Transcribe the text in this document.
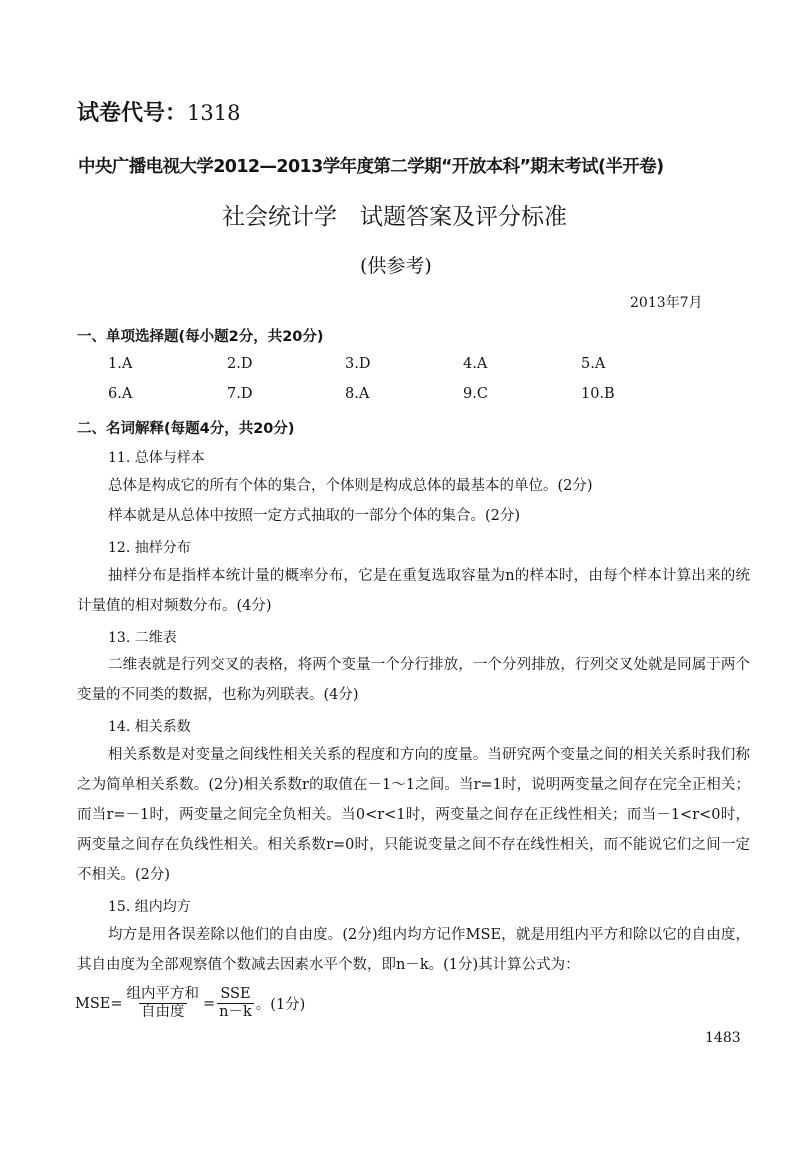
试卷代号：1318
中央广播电视大学2012—2013学年度第二学期“开放本科”期末考试(半开卷)
社会统计学　试题答案及评分标准
(供参考)
2013年7月
一、单项选择题(每小题2分，共20分)
1.A	2.D	3.D	4.A	5.A
6.A	7.D	8.A	9.C	10.B
二、名词解释(每题4分，共20分)
11. 总体与样本
总体是构成它的所有个体的集合，个体则是构成总体的最基本的单位。(2分)
样本就是从总体中按照一定方式抽取的一部分个体的集合。(2分)
12. 抽样分布
抽样分布是指样本统计量的概率分布，它是在重复选取容量为n的样本时，由每个样本计算出来的统计量值的相对频数分布。(4分)
13. 二维表
二维表就是行列交叉的表格，将两个变量一个分行排放，一个分列排放，行列交叉处就是同属于两个变量的不同类的数据，也称为列联表。(4分)
14. 相关系数
相关系数是对变量之间线性相关关系的程度和方向的度量。当研究两个变量之间的相关关系时我们称之为简单相关系数。(2分)相关系数r的取值在－1～1之间。当r=1时，说明两变量之间存在完全正相关；而当r=－1时，两变量之间完全负相关。当0<r<1时，两变量之间存在正线性相关；而当－1<r<0时，两变量之间存在负线性相关。相关系数r=0时，只能说变量之间不存在线性相关，而不能说它们之间一定不相关。(2分)
15. 组内均方
均方是用各误差除以他们的自由度。(2分)组内均方记作MSE，就是用组内平方和除以它的自由度，其自由度为全部观察值个数减去因素水平个数，即n－k。(1分)其计算公式为：
$MSE= \frac{\text{组内平方和}}{\text{自由度}} = \frac{\text{SSE}}{n-k}$ 。(1分)
1483
